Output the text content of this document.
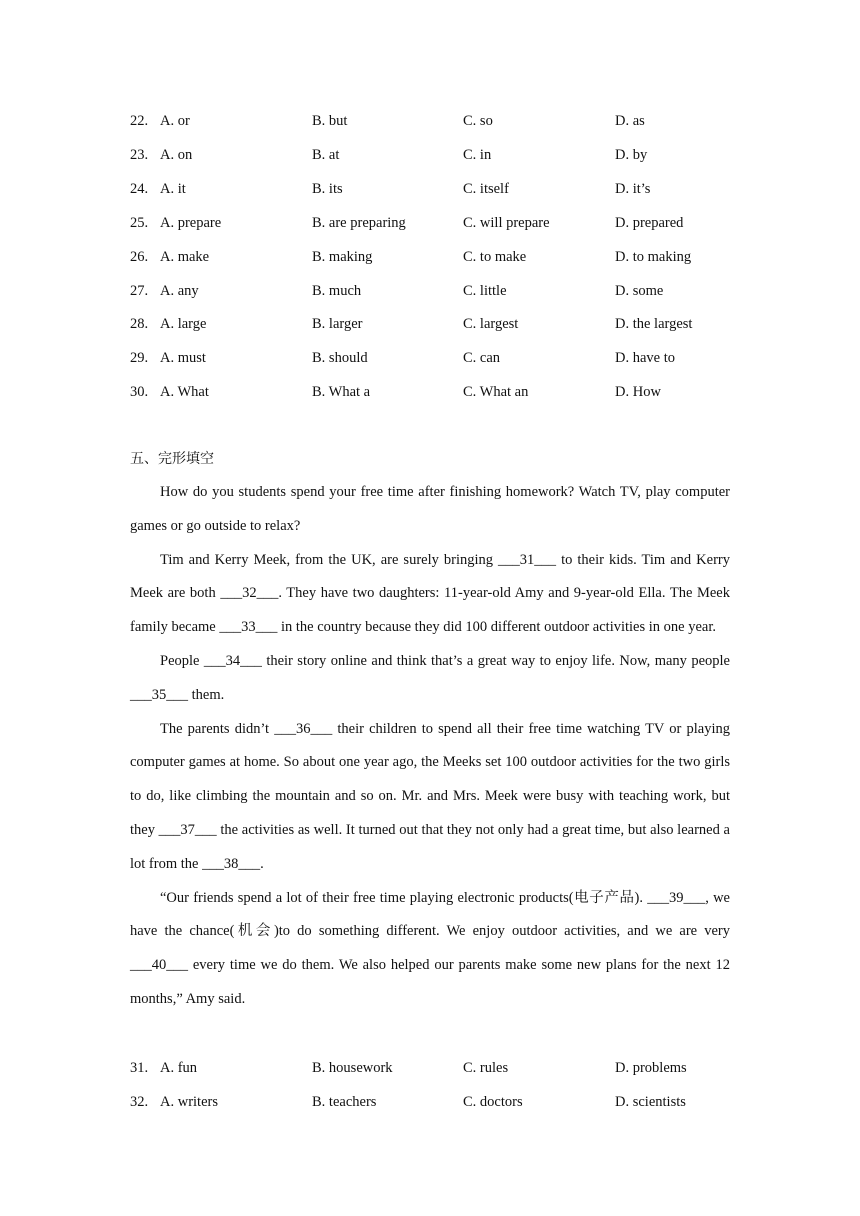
22. A. or	B. but	C. so	D. as
23. A. on	B. at	C. in	D. by
24. A. it	B. its	C. itself	D. it’s
25. A. prepare	B. are preparing	C. will prepare	D. prepared
26. A. make	B. making	C. to make	D. to making
27. A. any	B. much	C. little	D. some
28. A. large	B. larger	C. largest	D. the largest
29. A. must	B. should	C. can	D. have to
30. A. What	B. What a	C. What an	D. How
五、完形填空

How do you students spend your free time after finishing homework? Watch TV, play computer games or go outside to relax?

Tim and Kerry Meek, from the UK, are surely bringing ___31___ to their kids. Tim and Kerry Meek are both ___32___. They have two daughters: 11-year-old Amy and 9-year-old Ella. The Meek family became ___33___ in the country because they did 100 different outdoor activities in one year.

People ___34___ their story online and think that’s a great way to enjoy life. Now, many people ___35___ them.

The parents didn’t ___36___ their children to spend all their free time watching TV or playing computer games at home. So about one year ago, the Meeks set 100 outdoor activities for the two girls to do, like climbing the mountain and so on. Mr. and Mrs. Meek were busy with teaching work, but they ___37___ the activities as well. It turned out that they not only had a great time, but also learned a lot from the ___38___.

“Our friends spend a lot of their free time playing electronic products(电子产品). ___39___, we have the chance(机会)to do something different. We enjoy outdoor activities, and we are very ___40___ every time we do them. We also helped our parents make some new plans for the next 12 months,” Amy said.

31. A. fun	B. housework	C. rules	D. problems
32. A. writers	B. teachers	C. doctors	D. scientists
